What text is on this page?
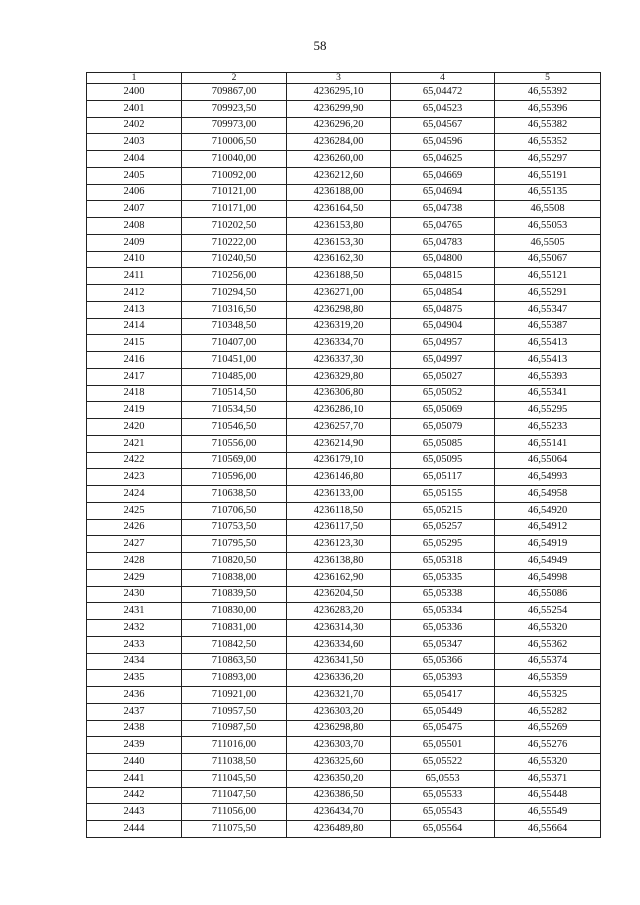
58
1	2	3	4	5
2400	709867,00	4236295,10	65,04472	46,55392
2401	709923,50	4236299,90	65,04523	46,55396
2402	709973,00	4236296,20	65,04567	46,55382
2403	710006,50	4236284,00	65,04596	46,55352
2404	710040,00	4236260,00	65,04625	46,55297
2405	710092,00	4236212,60	65,04669	46,55191
2406	710121,00	4236188,00	65,04694	46,55135
2407	710171,00	4236164,50	65,04738	46,5508
2408	710202,50	4236153,80	65,04765	46,55053
2409	710222,00	4236153,30	65,04783	46,5505
2410	710240,50	4236162,30	65,04800	46,55067
2411	710256,00	4236188,50	65,04815	46,55121
2412	710294,50	4236271,00	65,04854	46,55291
2413	710316,50	4236298,80	65,04875	46,55347
2414	710348,50	4236319,20	65,04904	46,55387
2415	710407,00	4236334,70	65,04957	46,55413
2416	710451,00	4236337,30	65,04997	46,55413
2417	710485,00	4236329,80	65,05027	46,55393
2418	710514,50	4236306,80	65,05052	46,55341
2419	710534,50	4236286,10	65,05069	46,55295
2420	710546,50	4236257,70	65,05079	46,55233
2421	710556,00	4236214,90	65,05085	46,55141
2422	710569,00	4236179,10	65,05095	46,55064
2423	710596,00	4236146,80	65,05117	46,54993
2424	710638,50	4236133,00	65,05155	46,54958
2425	710706,50	4236118,50	65,05215	46,54920
2426	710753,50	4236117,50	65,05257	46,54912
2427	710795,50	4236123,30	65,05295	46,54919
2428	710820,50	4236138,80	65,05318	46,54949
2429	710838,00	4236162,90	65,05335	46,54998
2430	710839,50	4236204,50	65,05338	46,55086
2431	710830,00	4236283,20	65,05334	46,55254
2432	710831,00	4236314,30	65,05336	46,55320
2433	710842,50	4236334,60	65,05347	46,55362
2434	710863,50	4236341,50	65,05366	46,55374
2435	710893,00	4236336,20	65,05393	46,55359
2436	710921,00	4236321,70	65,05417	46,55325
2437	710957,50	4236303,20	65,05449	46,55282
2438	710987,50	4236298,80	65,05475	46,55269
2439	711016,00	4236303,70	65,05501	46,55276
2440	711038,50	4236325,60	65,05522	46,55320
2441	711045,50	4236350,20	65,0553	46,55371
2442	711047,50	4236386,50	65,05533	46,55448
2443	711056,00	4236434,70	65,05543	46,55549
2444	711075,50	4236489,80	65,05564	46,55664
